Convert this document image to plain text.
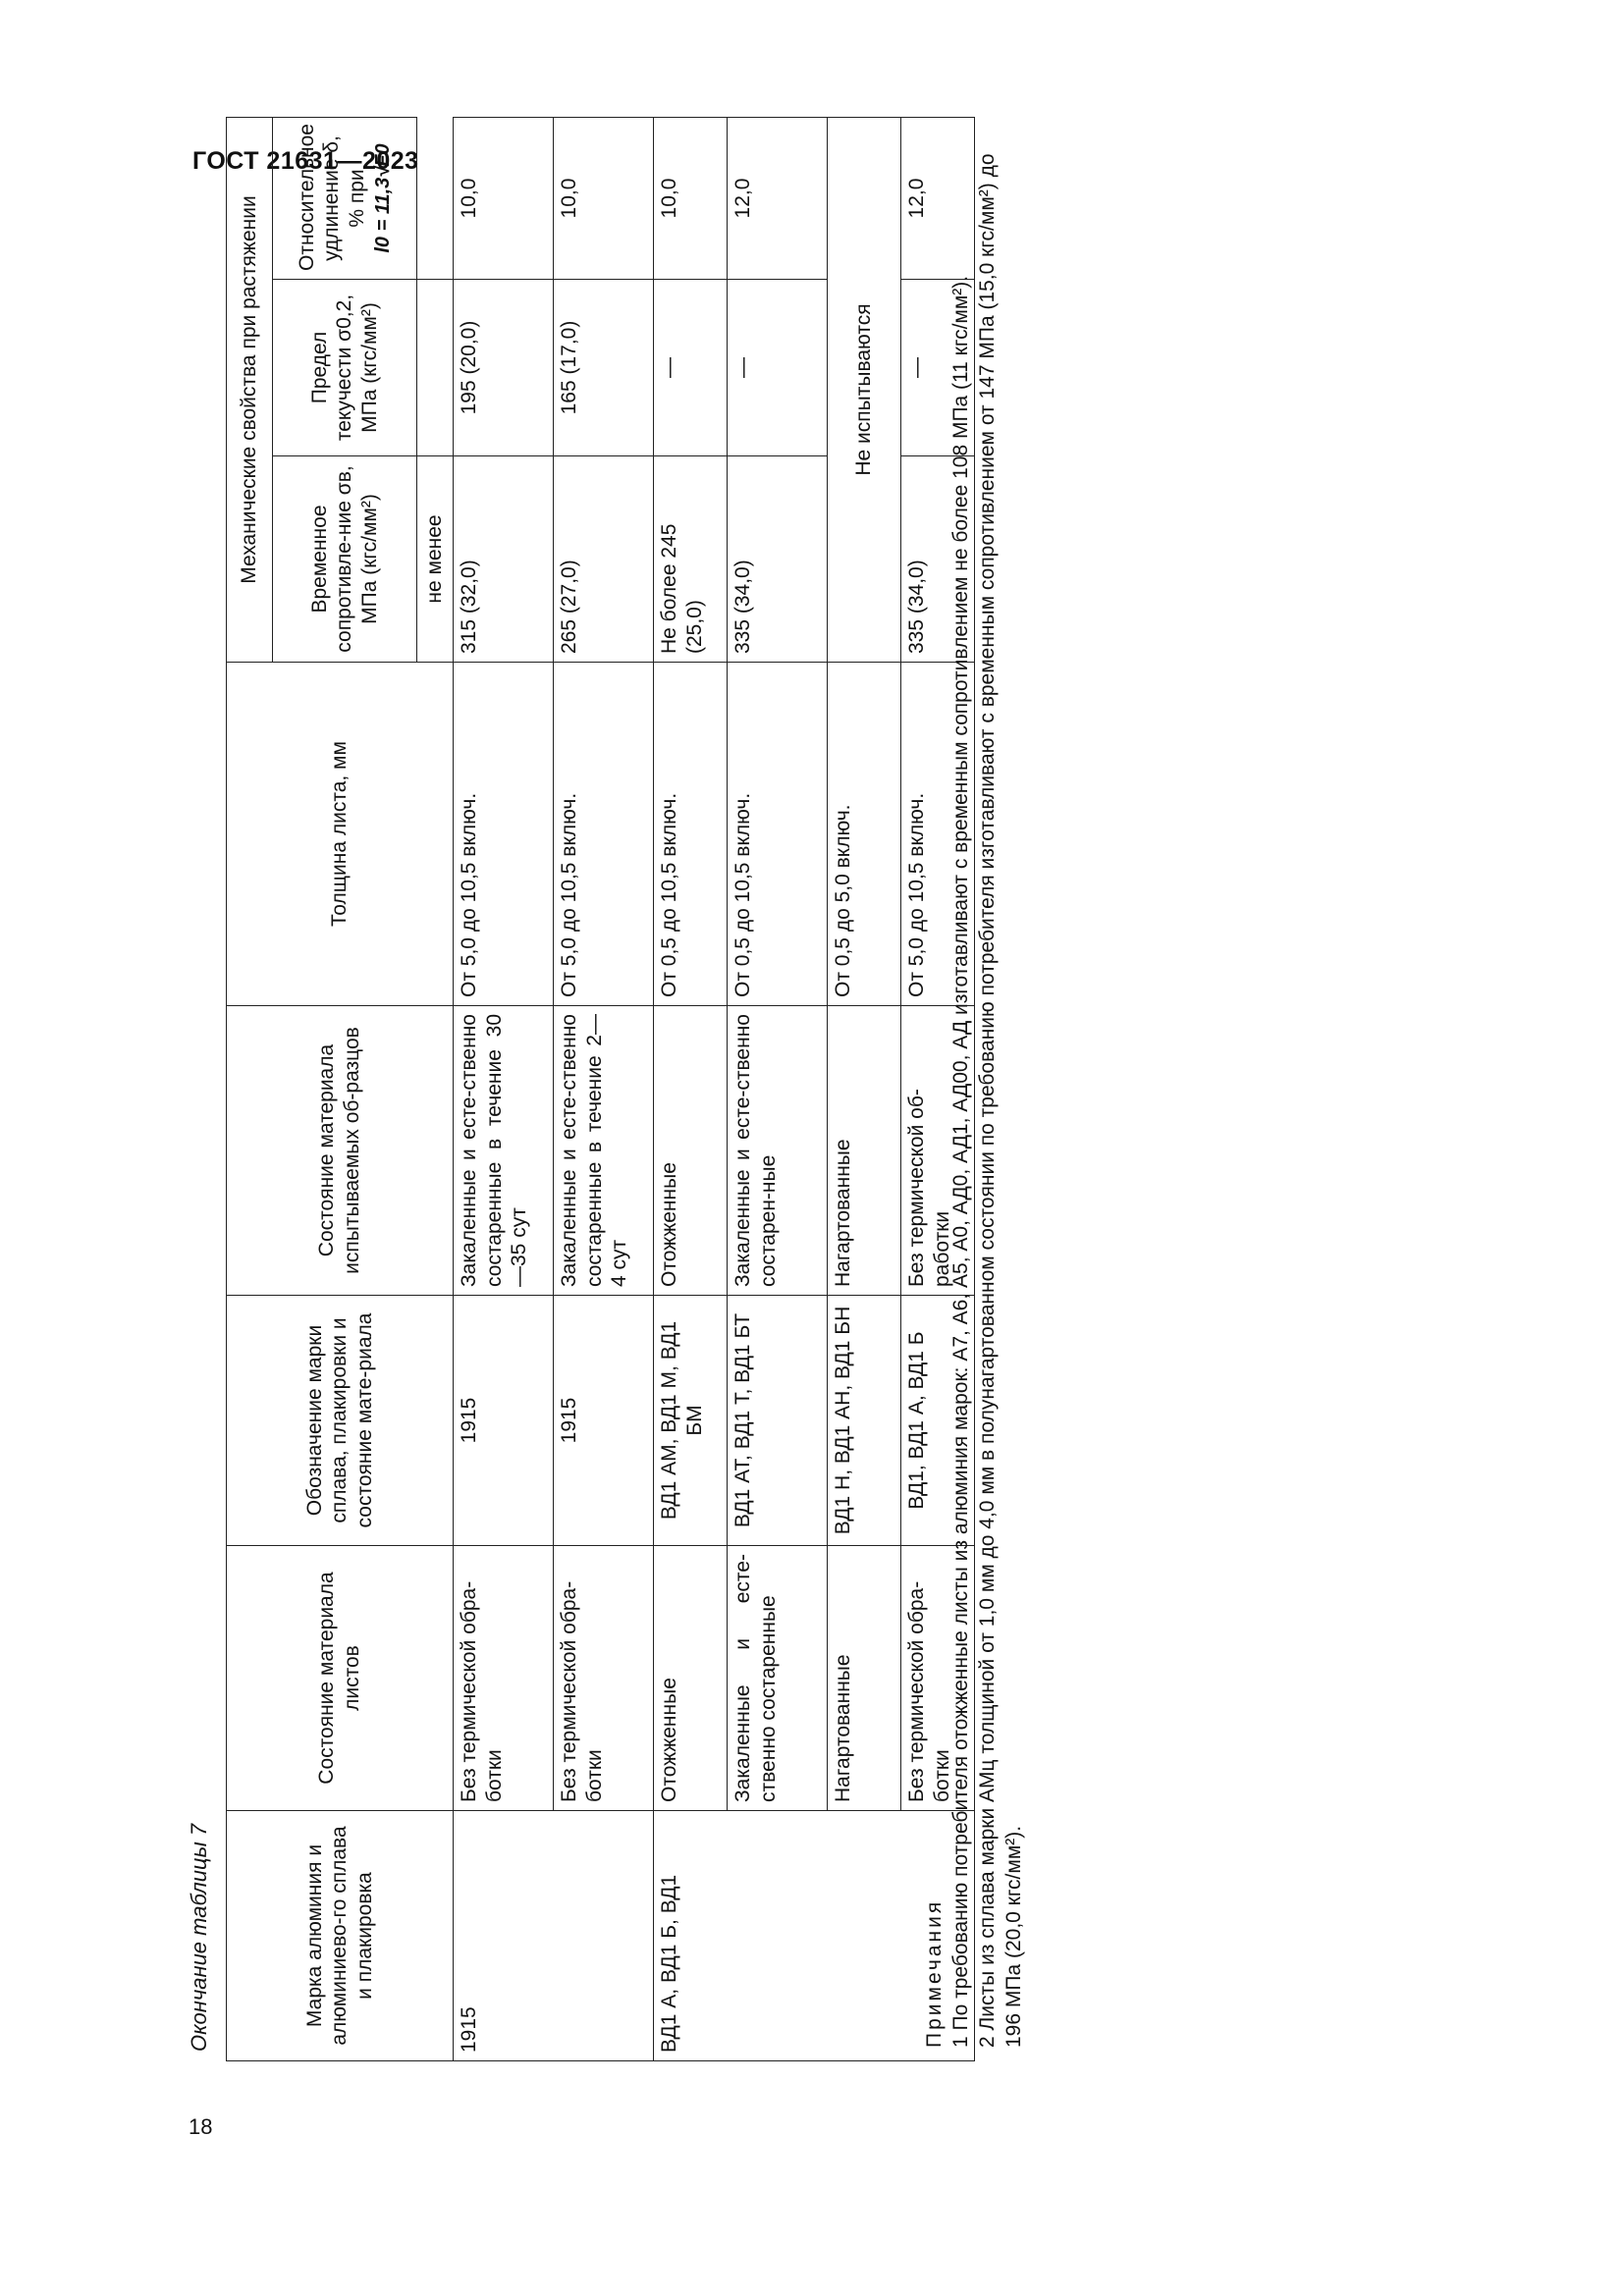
ГОСТ 21631—2023
18
Окончание таблицы 7	Марка алюминия и алюминиево-го сплава и плакировка	Состояние материала листов	Обозначение марки сплава, плакировки и состояние мате-риала	Состояние материала испытываемых об-разцов	Толщина листа, мм	Механические свойства при растяжении		
					Временное сопротивле-ние σв, МПа (кгс/мм²)	Предел текучести σ0,2, МПа (кгс/мм²)	Относительное удлинение δ, % при l0 = 11,3√F0
					не менее		
1915	Без термической обра-ботки	1915	Закаленные и есте-ственно состаренные в течение 30—35 сут	От 5,0 до 10,5 включ.	315 (32,0)	195 (20,0)	10,0
	Без термической обра-ботки	1915	Закаленные и есте-ственно состаренные в течение 2—4 сут	От 5,0 до 10,5 включ.	265 (27,0)	165 (17,0)	10,0
ВД1 А, ВД1 Б, ВД1	Отожженные	ВД1 АМ, ВД1 М, ВД1 БМ	Отожженные	От 0,5 до 10,5 включ.	Не более 245 (25,0)	—	10,0
	Закаленные и есте-ственно состаренные	ВД1 АТ, ВД1 Т, ВД1 БТ	Закаленные и есте-ственно состарен-ные	От 0,5 до 10,5 включ.	335 (34,0)	—	12,0
	Нагартованные	ВД1 Н, ВД1 АН, ВД1 БН	Нагартованные	От 0,5 до 5,0 включ.	Не испытываются		
	Без термической обра-ботки	ВД1, ВД1 А, ВД1 Б	Без термической об-работки	От 5,0 до 10,5 включ.	335 (34,0)	—	12,0
Примечания 1 По требованию потребителя отожженные листы из алюминия марок: А7, А6, А5, А0, АД0, АД1, АД00, АД изготавливают с временным сопротивлением не более 108 МПа (11 кгс/мм²). 2 Листы из сплава марки АМц толщиной от 1,0 мм до 4,0 мм в полунагартованном состоянии по требованию потребителя изготавливают с временным сопротивлением от 147 МПа (15,0 кгс/мм²) до 196 МПа (20,0 кгс/мм²).
